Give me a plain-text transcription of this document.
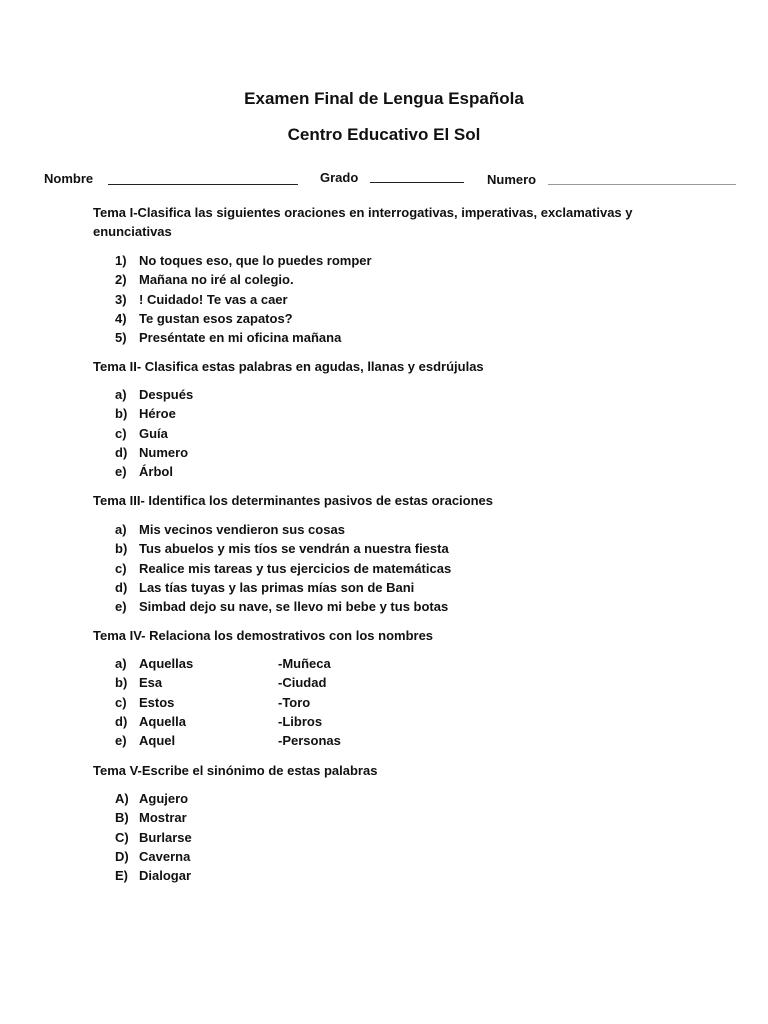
Examen Final de Lengua Española
Centro Educativo El Sol
Nombre	Grado	Numero

Tema I-Clasifica las siguientes oraciones en interrogativas, imperativas, exclamativas y enunciativas

1) No toques eso, que lo puedes romper
2) Mañana no iré al colegio.
3) ! Cuidado! Te vas a caer
4) Te gustan esos zapatos?
5) Preséntate en mi oficina mañana

Tema II- Clasifica estas palabras en agudas, llanas y esdrújulas

a) Después
b) Héroe
c) Guía
d) Numero
e) Árbol

Tema III- Identifica los determinantes pasivos de estas oraciones

a) Mis vecinos vendieron sus cosas
b) Tus abuelos y mis tíos se vendrán a nuestra fiesta
c) Realice mis tareas y tus ejercicios de matemáticas
d) Las tías tuyas y las primas mías son de Bani
e) Simbad dejo su nave, se llevo mi bebe y tus botas

Tema IV- Relaciona los demostrativos con los nombres

a) Aquellas	-Muñeca
b) Esa	-Ciudad
c) Estos	-Toro
d) Aquella	-Libros
e) Aquel	-Personas

Tema V-Escribe el sinónimo de estas palabras

A) Agujero
B) Mostrar
C) Burlarse
D) Caverna
E) Dialogar
